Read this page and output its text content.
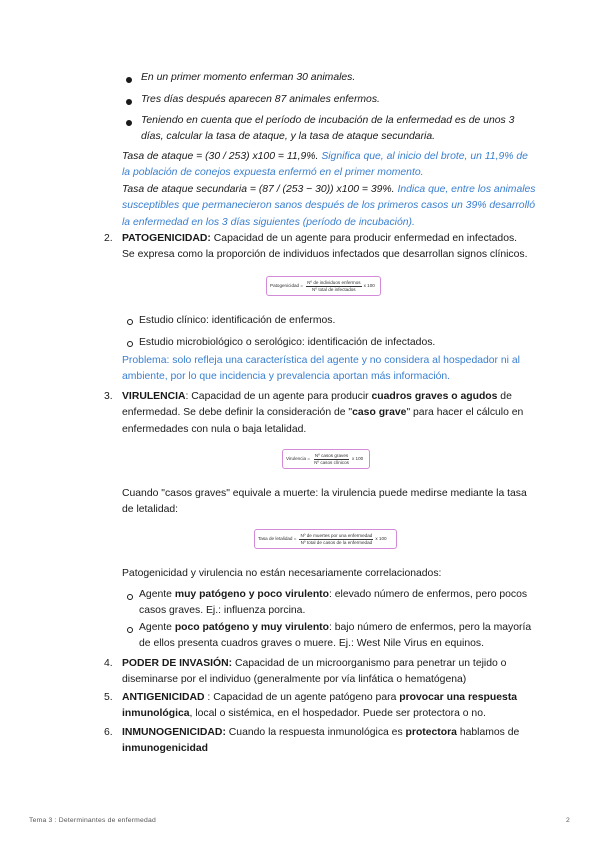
En un primer momento enferman 30 animales.
Tres días después aparecen 87 animales enfermos.
Teniendo en cuenta que el período de incubación de la enfermedad es de unos 3 días, calcular la tasa de ataque, y la tasa de ataque secundaria.
Tasa de ataque = (30 / 253) x100 = 11,9%. Significa que, al inicio del brote, un 11,9% de la población de conejos expuesta enfermó en el primer momento.
Tasa de ataque secundaria = (87 / (253 − 30)) x100 = 39%. Indica que, entre los animales susceptibles que permanecieron sanos después de los primeros casos un 39% desarrolló la enfermedad en los 3 días siguientes (período de incubación).
2. PATOGENICIDAD: Capacidad de un agente para producir enfermedad en infectados. Se expresa como la proporción de individuos infectados que desarrollan signos clínicos.
Patogenicidad = $\frac{\text{Nº de individuos enfermos}}{\text{Nº total de infectados}}$ x 100
Estudio clínico: identificación de enfermos.
Estudio microbiológico o serológico: identificación de infectados.
Problema: solo refleja una característica del agente y no considera al hospedador ni al ambiente, por lo que incidencia y prevalencia aportan más información.
3. VIRULENCIA: Capacidad de un agente para producir cuadros graves o agudos de enfermedad. Se debe definir la consideración de "caso grave" para hacer el cálculo en enfermedades con nula o baja letalidad.
Virulencia = $\frac{\text{Nº casos graves}}{\text{Nº casos clínicos}}$ x 100
Cuando "casos graves" equivale a muerte: la virulencia puede medirse mediante la tasa de letalidad:
Tasa de letalidad = $\frac{\text{Nº de muertes por una enfermedad}}{\text{Nº total de casos de la enfermedad}}$ x 100
Patogenicidad y virulencia no están necesariamente correlacionados:
Agente muy patógeno y poco virulento: elevado número de enfermos, pero pocos casos graves. Ej.: influenza porcina.
Agente poco patógeno y muy virulento: bajo número de enfermos, pero la mayoría de ellos presenta cuadros graves o muere. Ej.: West Nile Virus en equinos.
4. PODER DE INVASIÓN: Capacidad de un microorganismo para penetrar un tejido o diseminarse por el individuo (generalmente por vía linfática o hematógena)
5. ANTIGENICIDAD : Capacidad de un agente patógeno para provocar una respuesta inmunológica, local o sistémica, en el hospedador. Puede ser protectora o no.
6. INMUNOGENICIDAD: Cuando la respuesta inmunológica es protectora hablamos de inmunogenicidad
Tema 3 : Determinantes de enfermedad	2
